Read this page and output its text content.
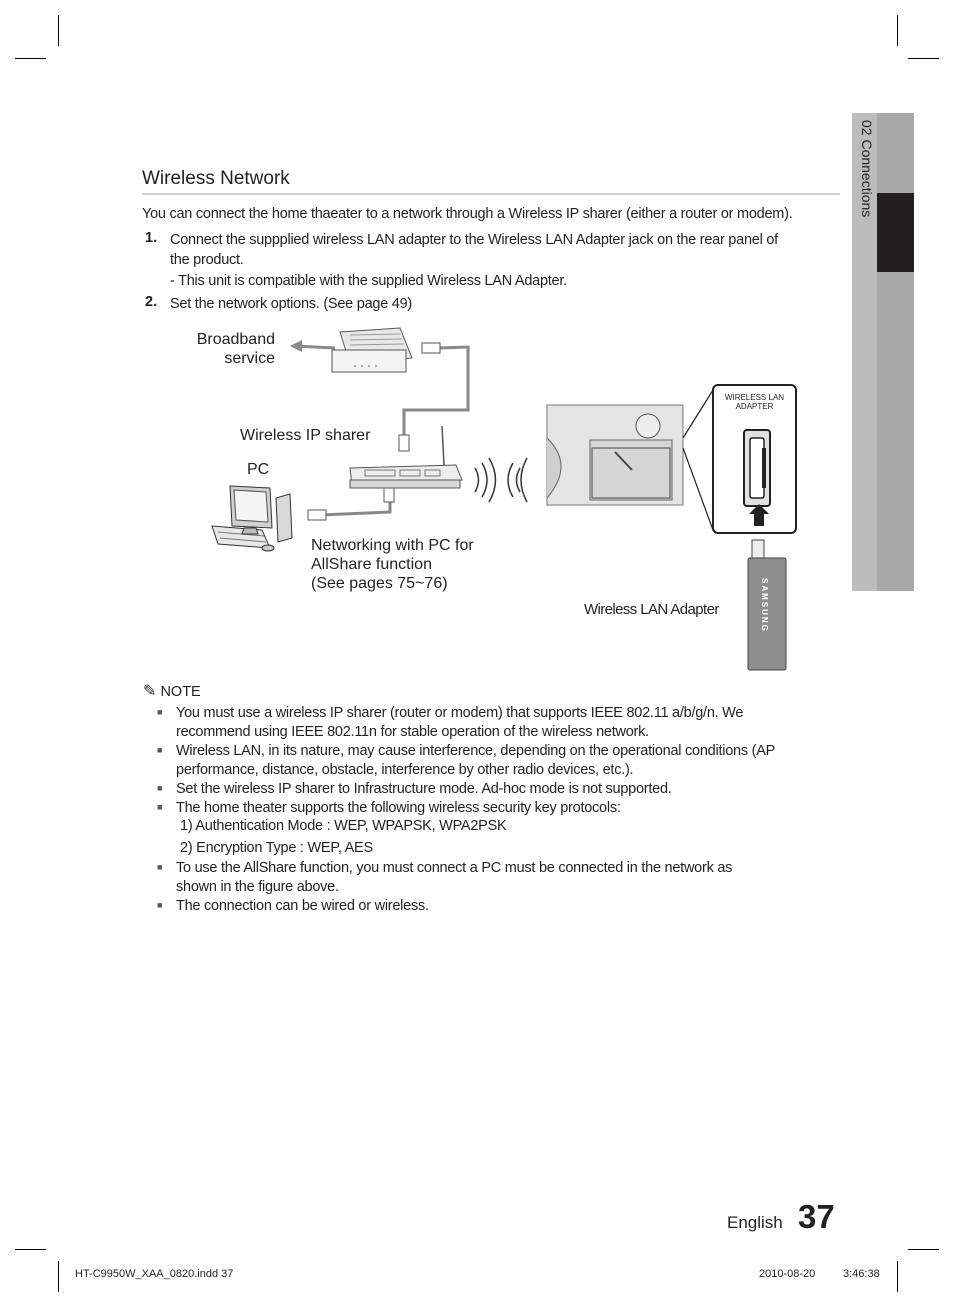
02 Connections
Wireless Network
You can connect the home thaeater to a network through a Wireless IP sharer (either a router or modem).
1. Connect the suppplied wireless LAN adapter to the Wireless LAN Adapter jack on the rear panel of
the product.
- This unit is compatible with the supplied Wireless LAN Adapter.
2. Set the network options. (See page 49)
Broadband
service
Wireless IP sharer
PC
Networking with PC for
AllShare function
(See pages 75~76)
WIRELESS LAN
ADAPTER
Wireless LAN Adapter	SAMSUNG
✎ NOTE
■ You must use a wireless IP sharer (router or modem) that supports IEEE 802.11 a/b/g/n. We
recommend using IEEE 802.11n for stable operation of the wireless network.
■ Wireless LAN, in its nature, may cause interference, depending on the operational conditions (AP
performance, distance, obstacle, interference by other radio devices, etc.).
■ Set the wireless IP sharer to Infrastructure mode. Ad-hoc mode is not supported.
■ The home theater supports the following wireless security key protocols:
1) Authentication Mode : WEP, WPAPSK, WPA2PSK
2) Encryption Type : WEP, AES
■ To use the AllShare function, you must connect a PC must be connected in the network as
shown in the figure above.
■ The connection can be wired or wireless.
English 37
HT-C9950W_XAA_0820.indd 37	2010-08-20	3:46:38
